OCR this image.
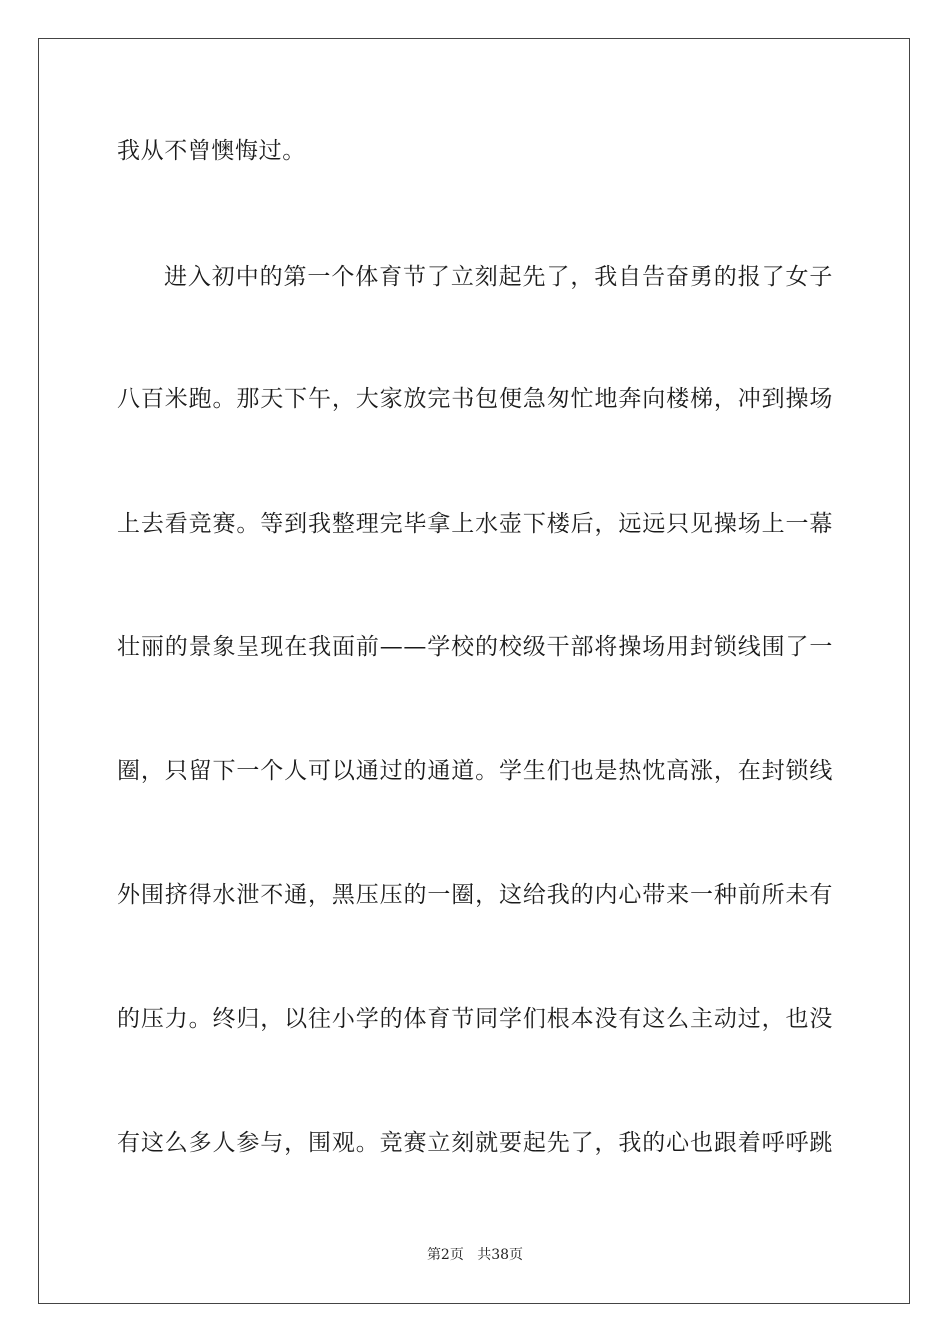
我从不曾懊悔过。
进入初中的第一个体育节了立刻起先了，我自告奋勇的报了女子
八百米跑。那天下午，大家放完书包便急匆忙地奔向楼梯，冲到操场
上去看竞赛。等到我整理完毕拿上水壶下楼后，远远只见操场上一幕
壮丽的景象呈现在我面前——学校的校级干部将操场用封锁线围了一
圈，只留下一个人可以通过的通道。学生们也是热忱高涨，在封锁线
外围挤得水泄不通，黑压压的一圈，这给我的内心带来一种前所未有
的压力。终归，以往小学的体育节同学们根本没有这么主动过，也没
有这么多人参与，围观。竞赛立刻就要起先了，我的心也跟着呼呼跳
第2页 共38页
